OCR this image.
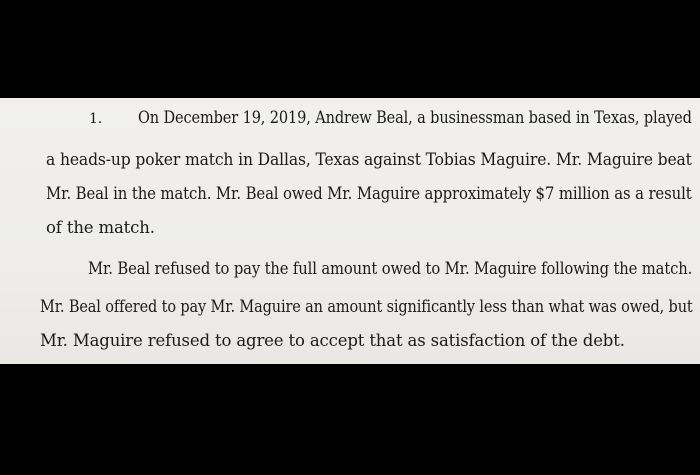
1. On December 19, 2019, Andrew Beal, a businessman based in Texas, played
a heads-up poker match in Dallas, Texas against Tobias Maguire. Mr. Maguire beat
Mr. Beal in the match. Mr. Beal owed Mr. Maguire approximately $7 million as a result
of the match.
Mr. Beal refused to pay the full amount owed to Mr. Maguire following the match.
Mr. Beal offered to pay Mr. Maguire an amount significantly less than what was owed, but
Mr. Maguire refused to agree to accept that as satisfaction of the debt.
